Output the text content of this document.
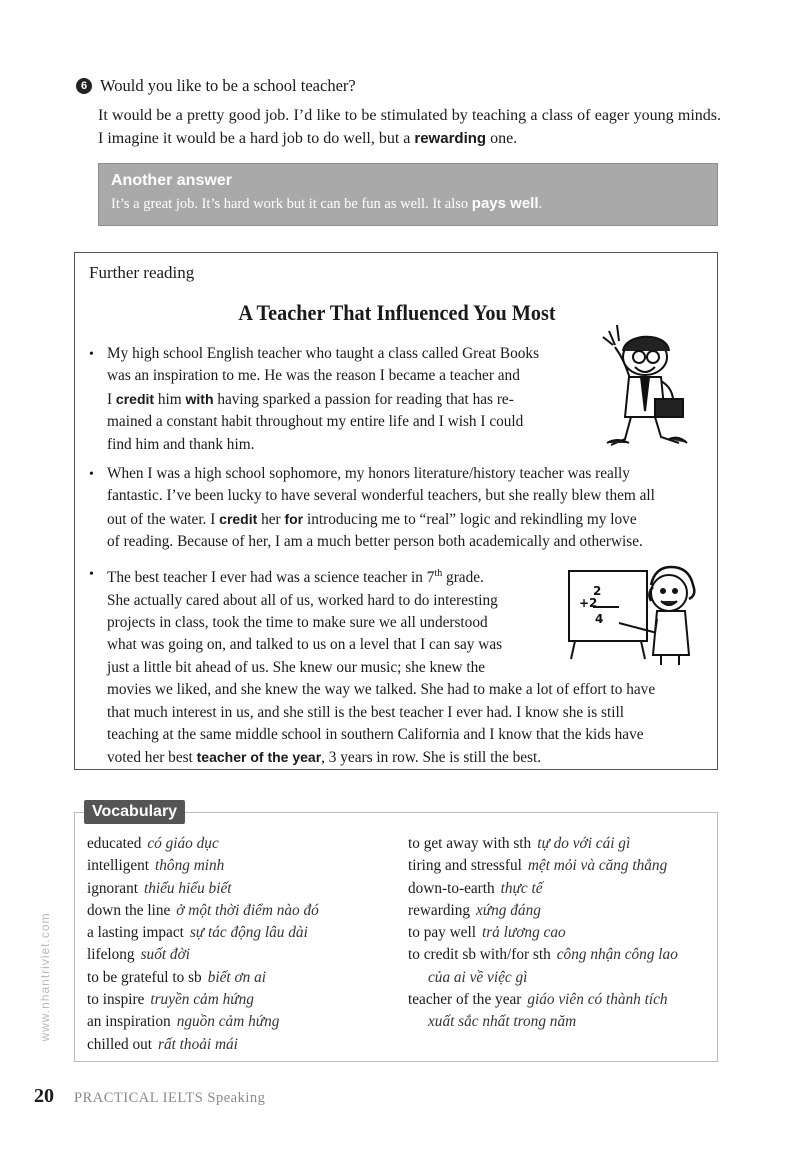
6 Would you like to be a school teacher?
It would be a pretty good job. I’d like to be stimulated by teaching a class of eager young minds. I imagine it would be a hard job to do well, but a rewarding one.
Another answer
It’s a great job. It’s hard work but it can be fun as well. It also pays well.
Further reading
A Teacher That Influenced You Most
• My high school English teacher who taught a class called Great Books
was an inspiration to me. He was the reason I became a teacher and
I credit him with having sparked a passion for reading that has re-
mained a constant habit throughout my entire life and I wish I could
find him and thank him.
• When I was a high school sophomore, my honors literature/history teacher was really
fantastic. I’ve been lucky to have several wonderful teachers, but she really blew them all
out of the water. I credit her for introducing me to “real” logic and rekindling my love
of reading. Because of her, I am a much better person both academically and otherwise.
• The best teacher I ever had was a science teacher in 7th grade.
She actually cared about all of us, worked hard to do interesting
projects in class, took the time to make sure we all understood
what was going on, and talked to us on a level that I can say was
just a little bit ahead of us. She knew our music; she knew the
movies we liked, and she knew the way we talked. She had to make a lot of effort to have
that much interest in us, and she still is the best teacher I ever had. I know she is still
teaching at the same middle school in southern California and I know that the kids have
voted her best teacher of the year, 3 years in row. She is still the best.
2
+2
4
Vocabulary
educated có giáo dục
intelligent thông minh
ignorant thiếu hiểu biết
down the line ở một thời điểm nào đó
a lasting impact sự tác động lâu dài
lifelong suốt đời
to be grateful to sb biết ơn ai
to inspire truyền cảm hứng
an inspiration nguồn cảm hứng
chilled out rất thoải mái
to get away with sth tự do với cái gì
tiring and stressful mệt mỏi và căng thẳng
down-to-earth thực tế
rewarding xứng đáng
to pay well trả lương cao
to credit sb with/for sth công nhận công lao
của ai về việc gì
teacher of the year giáo viên có thành tích
xuất sắc nhất trong năm
www.nhantriviet.com
20 PRACTICAL IELTS Speaking
